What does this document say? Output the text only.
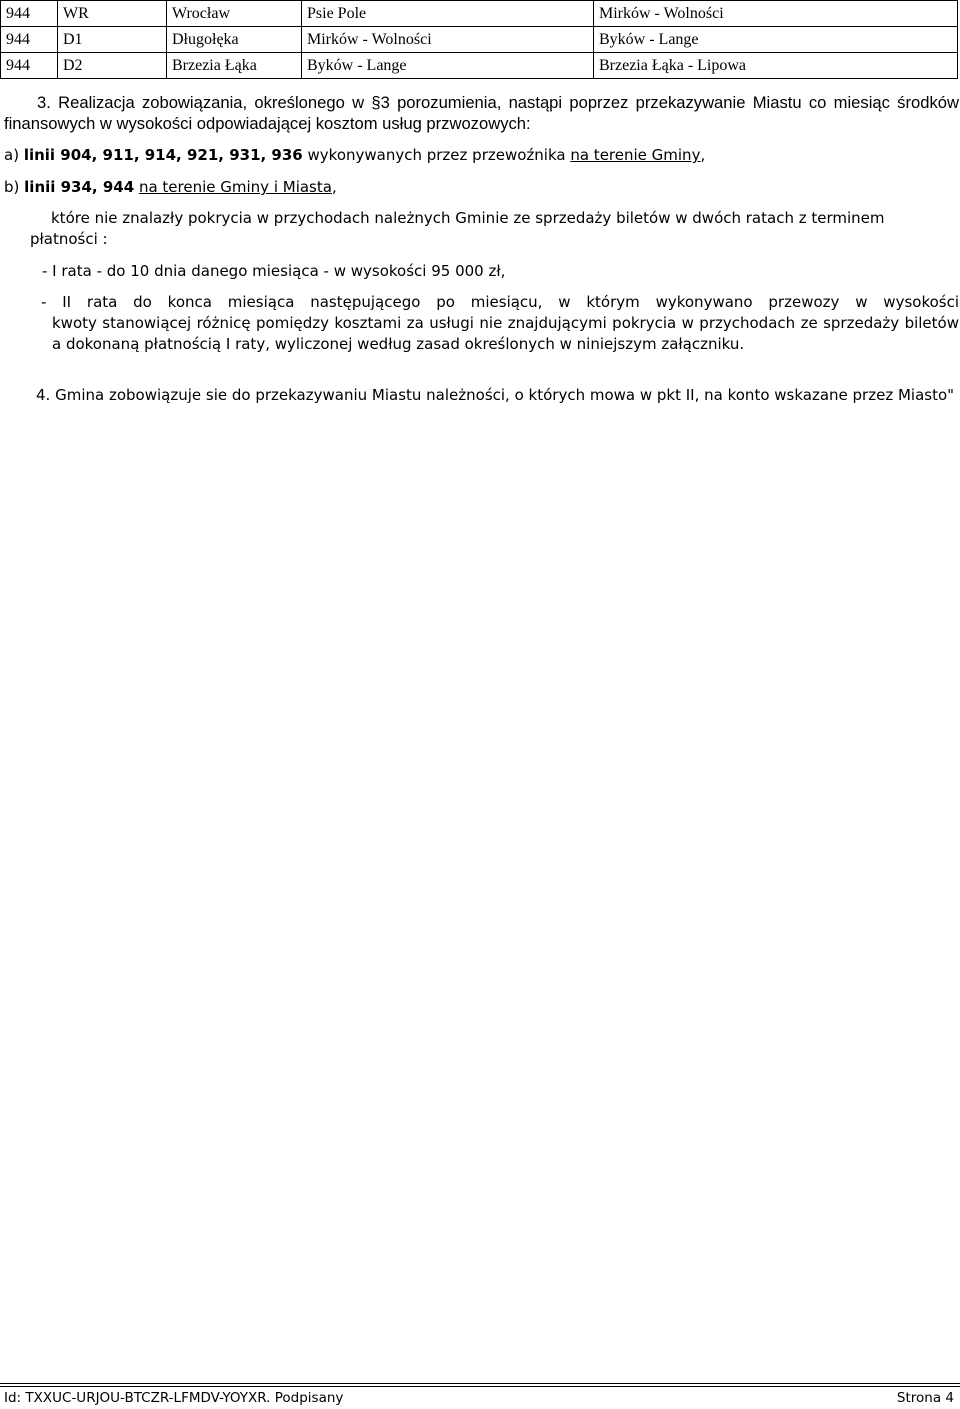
944	WR	Wrocław	Psie Pole	Mirków - Wolności
944	D1	Długołęka	Mirków - Wolności	Byków - Lange
944	D2	Brzezia Łąka	Byków - Lange	Brzezia Łąka - Lipowa
3. Realizacja zobowiązania, określonego w §3 porozumienia, nastąpi poprzez przekazywanie Miastu co miesiąc środków finansowych w wysokości odpowiadającej kosztom usług przwozowych:
a) linii 904, 911, 914, 921, 931, 936 wykonywanych przez przewoźnika na terenie Gminy,
b) linii 934, 944 na terenie Gminy i Miasta,
które nie znalazły pokrycia w przychodach należnych Gminie ze sprzedaży biletów w dwóch ratach z terminem płatności :
- I rata - do 10 dnia danego miesiąca - w wysokości 95 000 zł,
- II rata do konca miesiąca następującego po miesiącu, w którym wykonywano przewozy w wysokości
kwoty stanowiącej różnicę pomiędzy kosztami za usługi nie znajdującymi pokrycia w przychodach ze sprzedaży biletów a dokonaną płatnością I raty, wyliczonej według zasad określonych w niniejszym załączniku.
4. Gmina zobowiązuje sie do przekazywaniu Miastu należności, o których mowa w pkt II, na konto wskazane przez Miasto"
Id: TXXUC-URJOU-BTCZR-LFMDV-YOYXR. Podpisany	Strona 4
